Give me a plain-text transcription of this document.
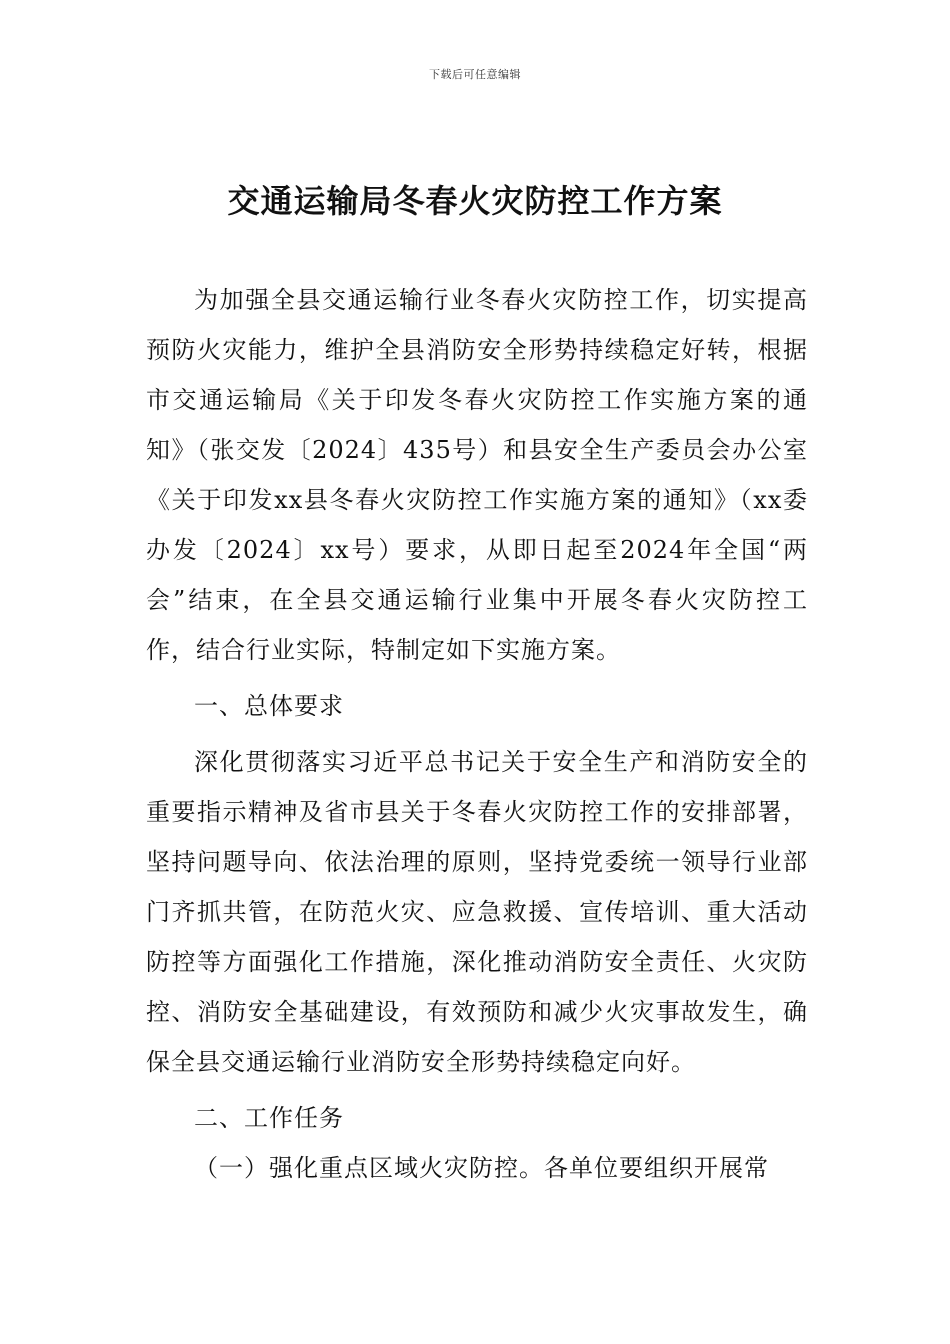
下载后可任意编辑
交通运输局冬春火灾防控工作方案

为加强全县交通运输行业冬春火灾防控工作，切实提高预防火灾能力，维护全县消防安全形势持续稳定好转，根据市交通运输局《关于印发冬春火灾防控工作实施方案的通知》（张交发〔2024〕435号）和县安全生产委员会办公室《关于印发xx县冬春火灾防控工作实施方案的通知》（xx委办发〔2024〕xx号）要求，从即日起至2024年全国“两会”结束，在全县交通运输行业集中开展冬春火灾防控工作，结合行业实际，特制定如下实施方案。

一、总体要求

深化贯彻落实习近平总书记关于安全生产和消防安全的重要指示精神及省市县关于冬春火灾防控工作的安排部署，坚持问题导向、依法治理的原则，坚持党委统一领导行业部门齐抓共管，在防范火灾、应急救援、宣传培训、重大活动防控等方面强化工作措施，深化推动消防安全责任、火灾防控、消防安全基础建设，有效预防和减少火灾事故发生，确保全县交通运输行业消防安全形势持续稳定向好。

二、工作任务

（一）强化重点区域火灾防控。各单位要组织开展常
